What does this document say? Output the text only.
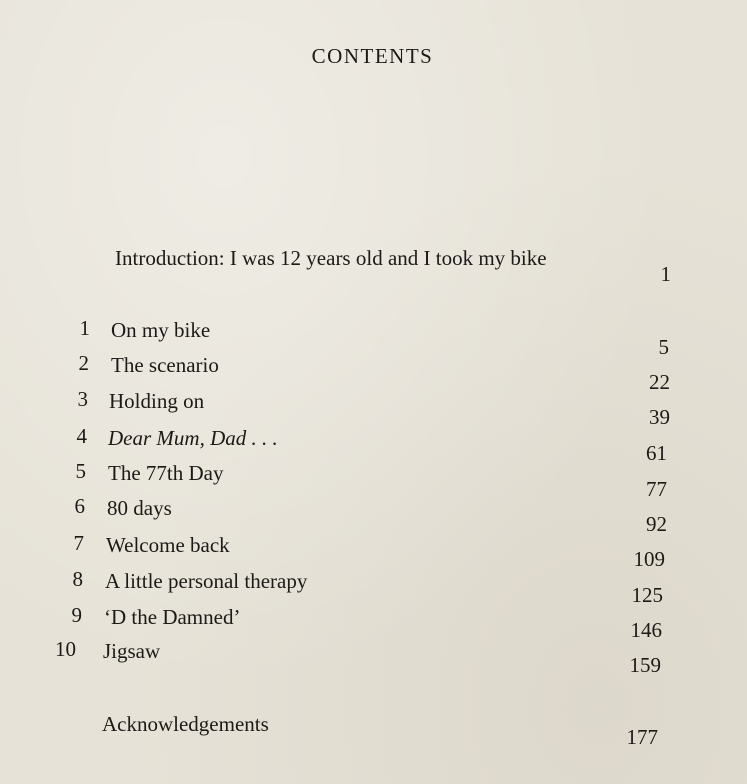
CONTENTS
Introduction: I was 12 years old and I took my bike
1
1 On my bike
5
2 The scenario
22
3 Holding on
39
4 Dear Mum, Dad . . .
61
5 The 77th Day
77
6 80 days
92
7 Welcome back
109
8 A little personal therapy
125
9 ‘D the Damned’
146
10 Jigsaw
159
Acknowledgements
177
